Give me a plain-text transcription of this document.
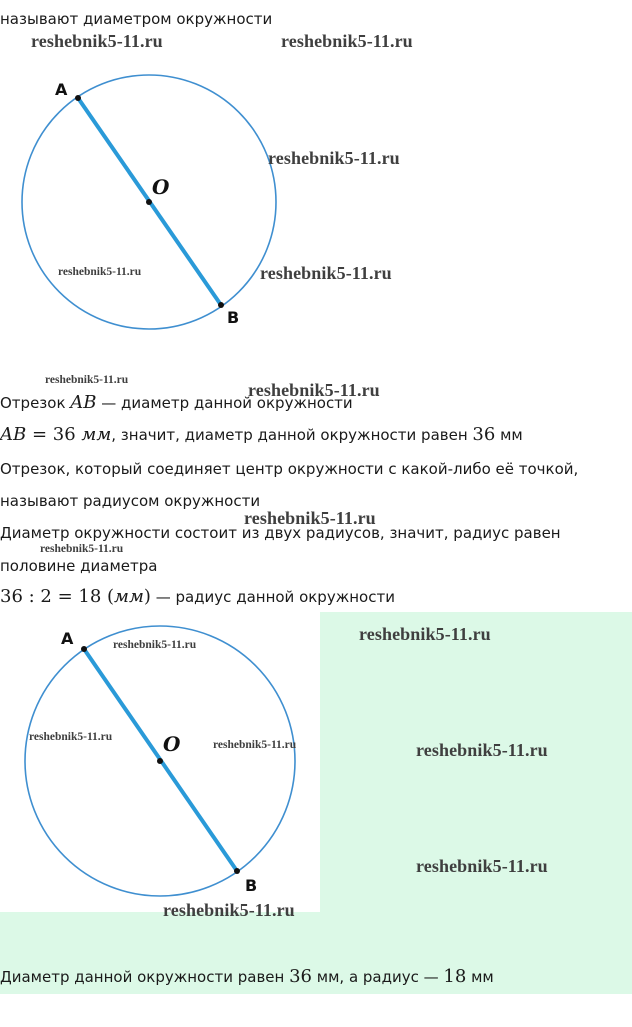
называют диаметром окружности
A
O
B
Отрезок AB — диаметр данной окружности
AB = 36 мм, значит, диаметр данной окружности равен 36 мм
Отрезок, который соединяет центр окружности с какой-либо её точкой,
называют радиусом окружности
Диаметр окружности состоит из двух радиусов, значит, радиус равен
половине диаметра
36 : 2 = 18 (мм) — радиус данной окружности
A
O
B
Диаметр данной окружности равен 36 мм, а радиус — 18 мм
reshebnik5-11.ru	reshebnik5-11.ru
reshebnik5-11.ru
reshebnik5-11.ru	reshebnik5-11.ru
reshebnik5-11.ru	reshebnik5-11.ru
reshebnik5-11.ru
reshebnik5-11.ru
reshebnik5-11.ru
reshebnik5-11.ru
reshebnik5-11.ru
reshebnik5-11.ru	reshebnik5-11.ru
reshebnik5-11.ru
reshebnik5-11.ru
